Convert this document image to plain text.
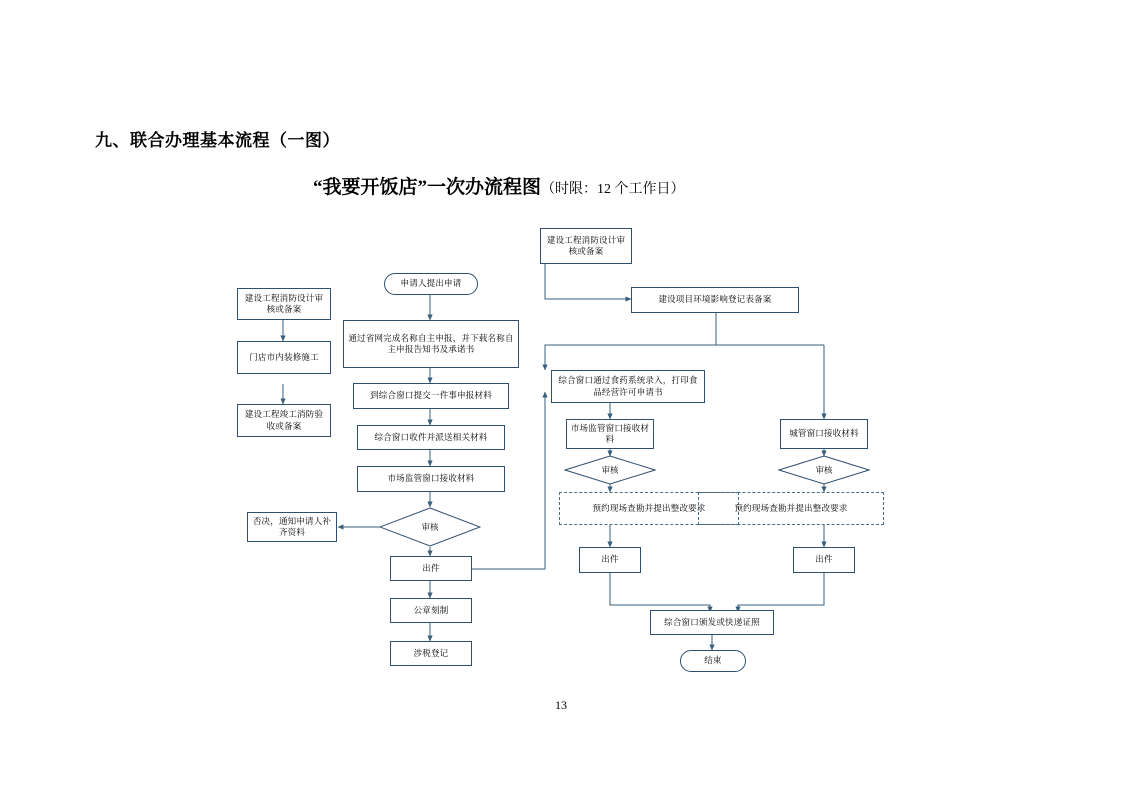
九、联合办理基本流程（一图）
“我要开饭店”一次办流程图（时限：12 个工作日）
申请人提出申请
通过省网完成名称自主申报，并下载名称自主申报告知书及承诺书
到综合窗口提交一件事申报材料
综合窗口收件并派送相关材料
市场监管窗口接收材料
审核
否决，通知申请人补齐资料
出件
公章刻制
涉税登记
建设工程消防设计审核或备案
门店市内装修施工
建设工程竣工消防验收或备案
建设工程消防设计审核或备案
建设项目环境影响登记表备案
综合窗口通过食药系统录入，打印食品经营许可申请书
市场监管窗口接收材料
城管窗口接收材料
审核	审核
预约现场查勘并提出整改要求	预约现场查勘并提出整改要求
出件	出件
综合窗口颁发或快递证照
结束
13
